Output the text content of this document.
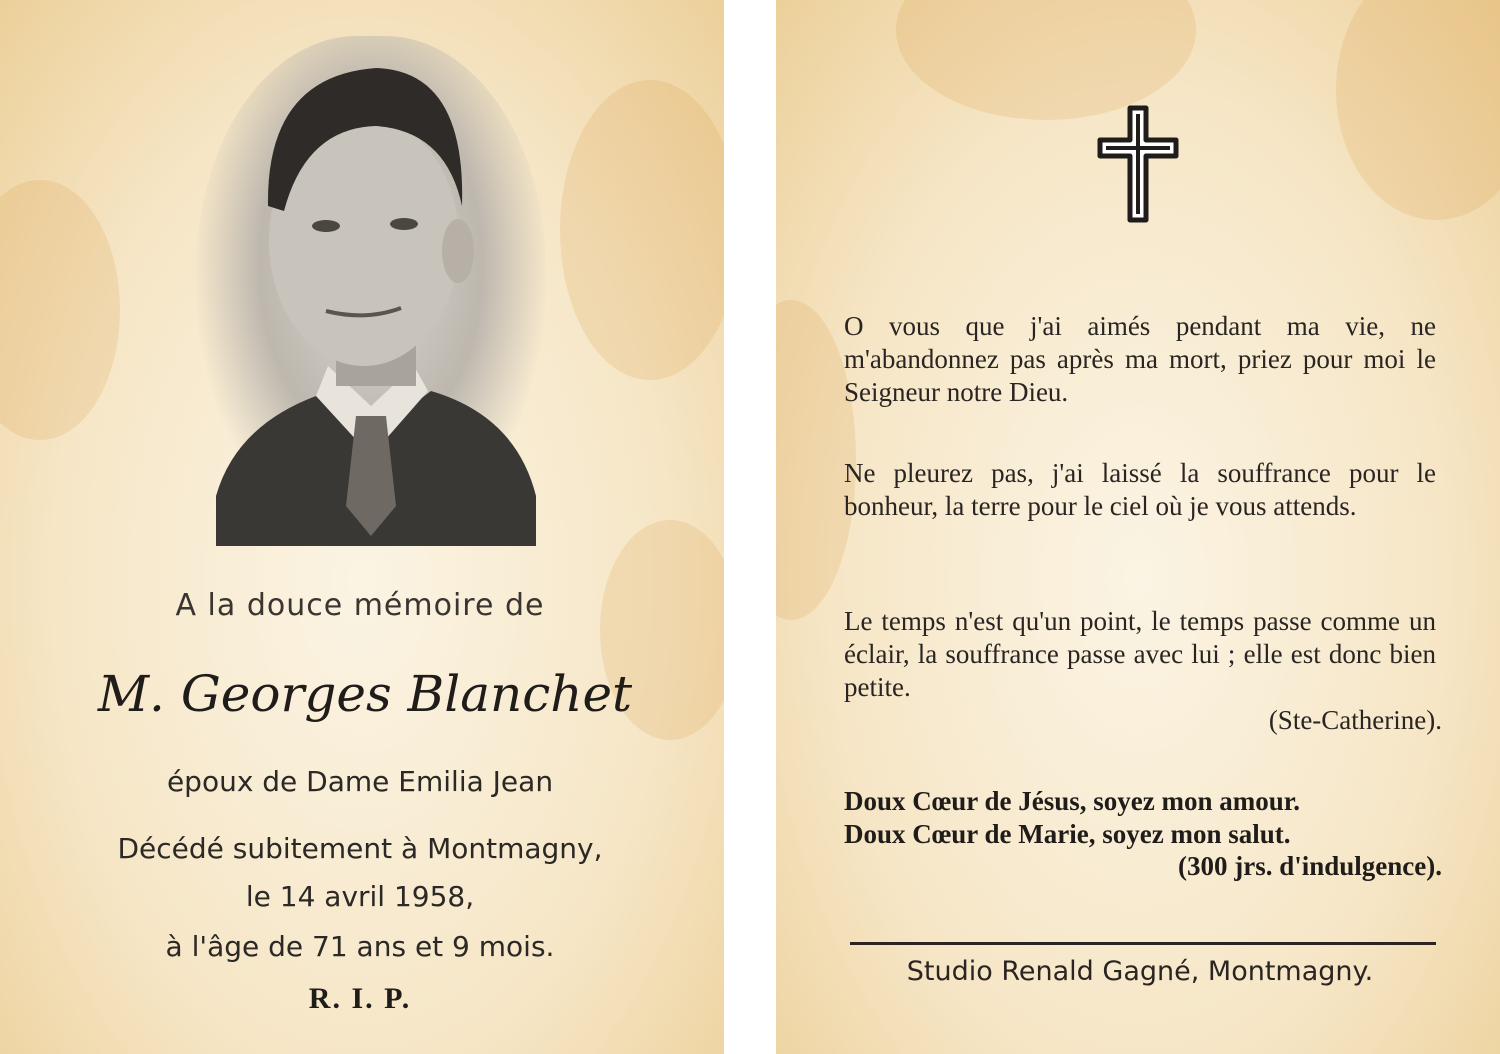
A la douce mémoire de
M. Georges Blanchet
époux de Dame Emilia Jean
Décédé subitement à Montmagny,
le 14 avril 1958,
à l'âge de 71 ans et 9 mois.
R. I. P.
O vous que j'ai aimés pendant ma vie, ne m'abandonnez pas après ma mort, priez pour moi le Seigneur notre Dieu.
Ne pleurez pas, j'ai laissé la souffrance pour le bonheur, la terre pour le ciel où je vous attends.
Le temps n'est qu'un point, le temps passe comme un éclair, la souffrance passe avec lui ; elle est donc bien petite.
(Ste-Catherine).
Doux Cœur de Jésus, soyez mon amour.
Doux Cœur de Marie, soyez mon salut.
(300 jrs. d'indulgence).
Studio Renald Gagné, Montmagny.
